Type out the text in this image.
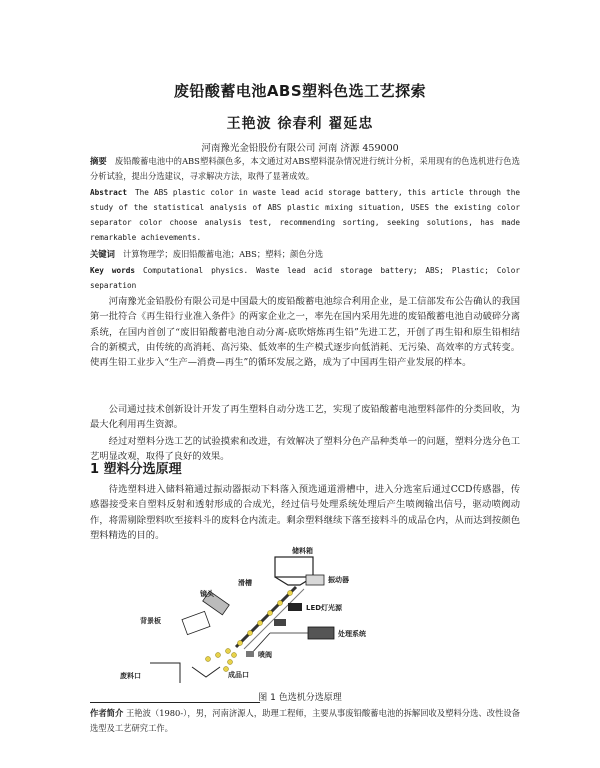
废铅酸蓄电池ABS塑料色选工艺探索
王艳波 徐春利 翟延忠
河南豫光金铅股份有限公司 河南 济源 459000
摘要 废铅酸蓄电池中的ABS塑料颜色多，本文通过对ABS塑料混杂情况进行统计分析，采用现有的色选机进行色选分析试验，提出分选建议，寻求解决方法，取得了显著成效。
Abstract The ABS plastic color in waste lead acid storage battery, this article through the study of the statistical analysis of ABS plastic mixing situation, USES the existing color separator color choose analysis test, recommending sorting, seeking solutions, has made remarkable achievements.
关键词 计算物理学；废旧铅酸蓄电池；ABS；塑料；颜色分选
Key words Computational physics. Waste lead acid storage battery; ABS; Plastic; Color separation

河南豫光金铅股份有限公司是中国最大的废铅酸蓄电池综合利用企业，是工信部发布公告确认的我国第一批符合《再生铅行业准入条件》的两家企业之一，率先在国内采用先进的废铅酸蓄电池自动破碎分离系统，在国内首创了“废旧铅酸蓄电池自动分离-底吹熔炼再生铅”先进工艺，开创了再生铅和原生铅相结合的新模式，由传统的高消耗、高污染、低效率的生产模式逐步向低消耗、无污染、高效率的方式转变。使再生铅工业步入“生产—消费—再生”的循环发展之路，成为了中国再生铅产业发展的样本。

公司通过技术创新设计开发了再生塑料自动分选工艺，实现了废铅酸蓄电池塑料部件的分类回收，为最大化利用再生资源。

经过对塑料分选工艺的试验摸索和改进，有效解决了塑料分色产品种类单一的问题，塑料分选分色工艺明显改观，取得了良好的效果。

1 塑料分选原理

待选塑料进入储料箱通过振动器振动下料落入预选通道滑槽中，进入分选室后通过CCD传感器，传感器接受来自塑料反射和透射形成的合成光，经过信号处理系统处理后产生喷阀输出信号，驱动喷阀动作，将需剔除塑料吹至接料斗的废料仓内流走。剩余塑料继续下落至接料斗的成品仓内，从而达到按颜色塑料精选的目的。

储料箱
滑槽	振动器
镜头
LED灯光源
背景板
处理系统
喷阀
废料口	成品口
图 1 色选机分选原理
作者简介 王艳波（1980-），男，河南济源人，助理工程师，主要从事废铅酸蓄电池的拆解回收及塑料分选、改性设备选型及工艺研究工作。
